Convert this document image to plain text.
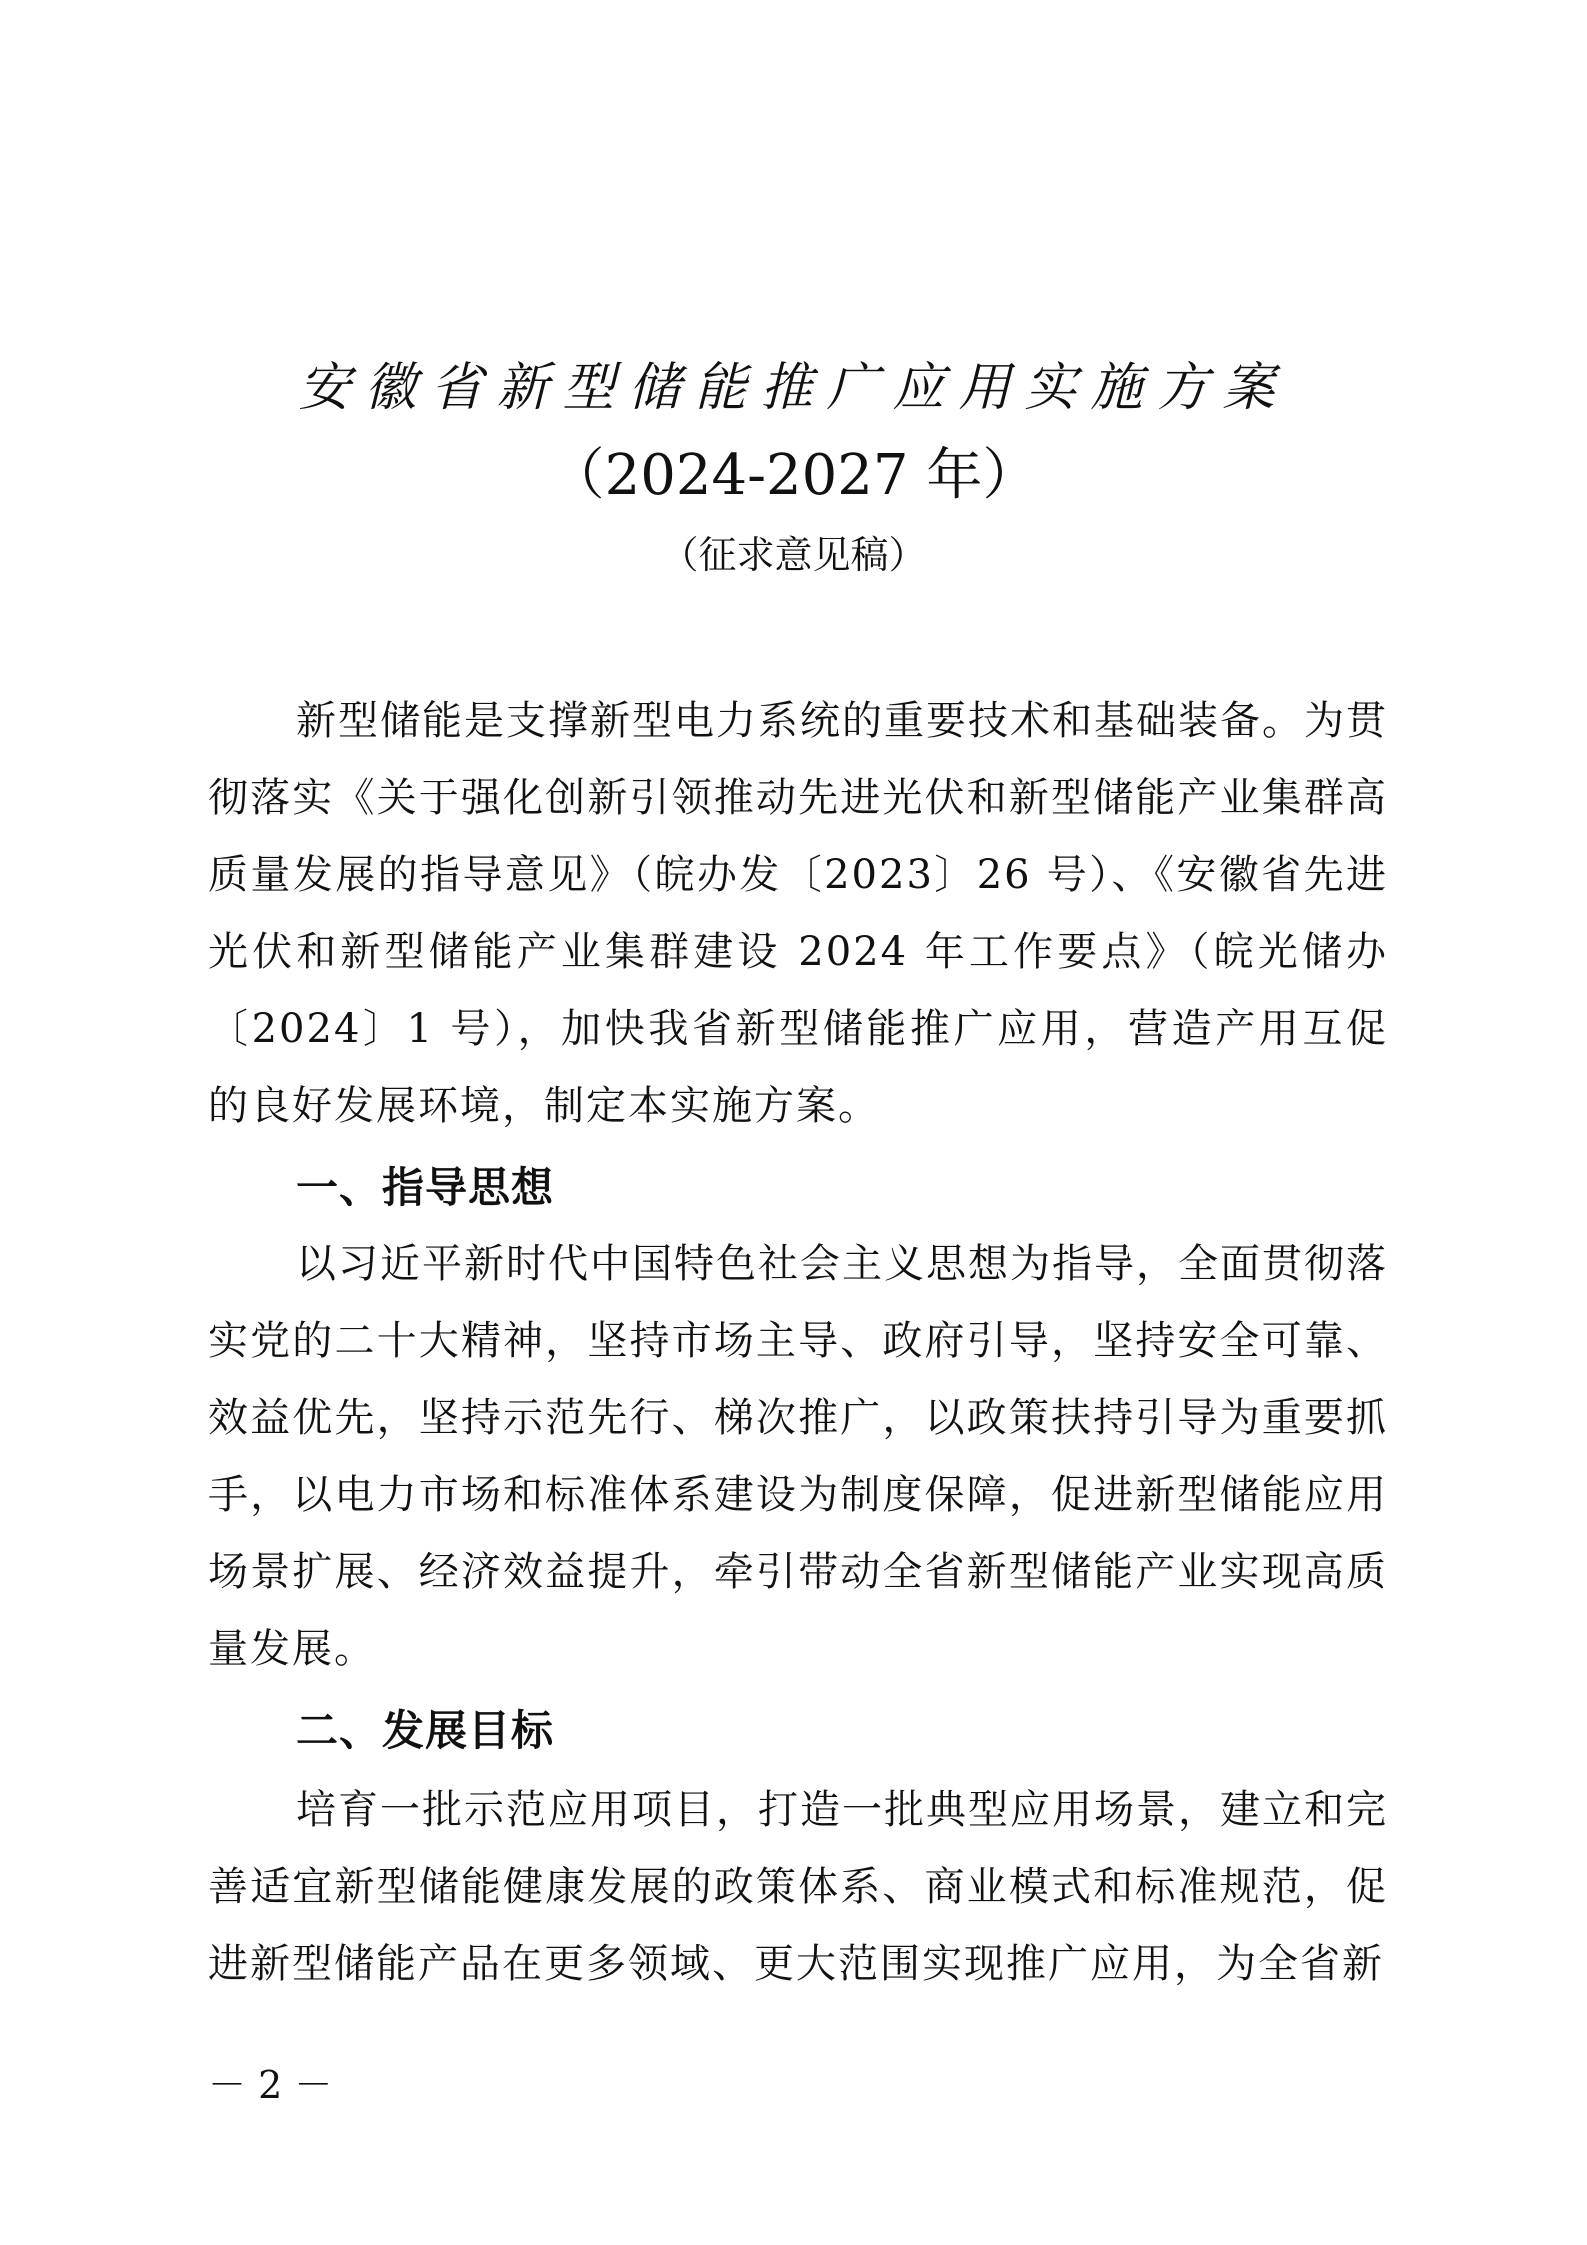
安徽省新型储能推广应用实施方案
（2024-2027 年）
（征求意见稿）
新型储能是支撑新型电力系统的重要技术和基础装备。为贯彻落实《关于强化创新引领推动先进光伏和新型储能产业集群高质量发展的指导意见》（皖办发〔2023〕26 号）、《安徽省先进光伏和新型储能产业集群建设 2024 年工作要点》（皖光储办〔2024〕1 号），加快我省新型储能推广应用，营造产用互促的良好发展环境，制定本实施方案。
一、指导思想
以习近平新时代中国特色社会主义思想为指导，全面贯彻落实党的二十大精神，坚持市场主导、政府引导，坚持安全可靠、效益优先，坚持示范先行、梯次推广，以政策扶持引导为重要抓手，以电力市场和标准体系建设为制度保障，促进新型储能应用场景扩展、经济效益提升，牵引带动全省新型储能产业实现高质量发展。
二、发展目标
培育一批示范应用项目，打造一批典型应用场景，建立和完善适宜新型储能健康发展的政策体系、商业模式和标准规范，促进新型储能产品在更多领域、更大范围实现推广应用，为全省新
－ 2 －
